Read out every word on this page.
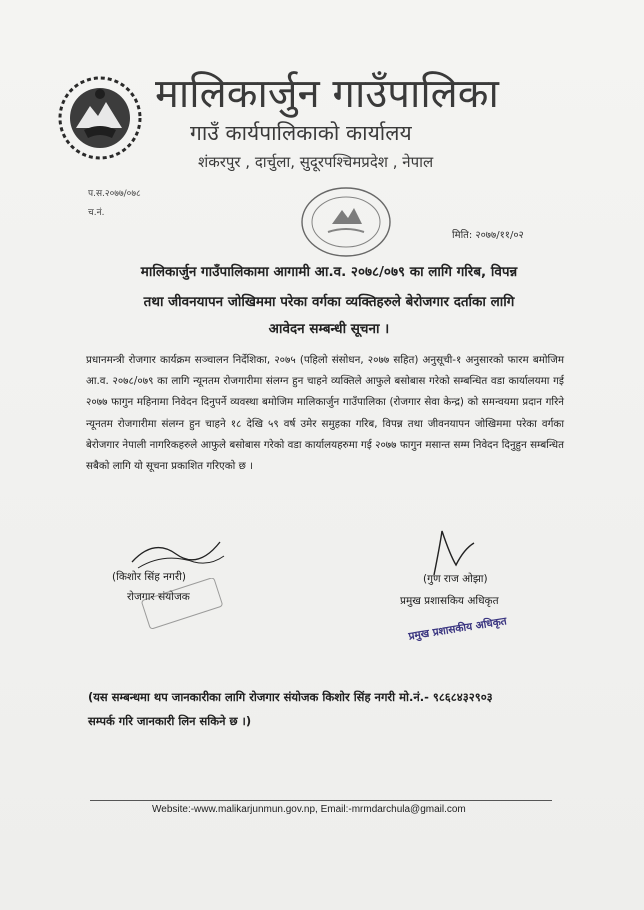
मालिकार्जुन गाउँपालिका
गाउँ कार्यपालिकाको कार्यालय
शंकरपुर , दार्चुला, सुदूरपश्चिमप्रदेश , नेपाल
प.स.२०७७/०७८
च.नं.
मिति: २०७७/११/०२
मालिकार्जुन गाउँपालिकामा आगामी आ.व. २०७८/०७९ का लागि गरिब, विपन्न
तथा जीवनयापन जोखिममा परेका वर्गका व्यक्तिहरुले बेरोजगार दर्ताका लागि
आवेदन सम्बन्धी सूचना ।
प्रधानमन्त्री रोजगार कार्यक्रम सञ्चालन निर्देशिका, २०७५ (पहिलो संसोधन, २०७७ सहित) अनुसूची-१ अनुसारको फारम बमोजिम आ.व. २०७८/०७९ का लागि न्यूनतम रोजगारीमा संलग्न हुन चाहने व्यक्तिले आफुले बसोबास गरेको सम्बन्धित वडा कार्यालयमा गई २०७७ फागुन महिनामा निवेदन दिनुपर्ने व्यवस्था बमोजिम मालिकार्जुन गाउँपालिका (रोजगार सेवा केन्द्र) को समन्वयमा प्रदान गरिने न्यूनतम रोजगारीमा संलग्न हुन चाहने १८ देखि ५९ वर्ष उमेर समुहका गरिब, विपन्न तथा जीवनयापन जोखिममा परेका वर्गका बेरोजगार नेपाली नागरिकहरुले आफुले बसोबास गरेको वडा कार्यालयहरुमा गई २०७७ फागुन मसान्त सम्म निवेदन दिनुहुन सम्बन्धित सबैको लागि यो सूचना प्रकाशित गरिएको छ ।
(किशोर सिंह नगरी)
रोजगार संयोजक
(गुण राज ओझा)
प्रमुख प्रशासकिय अधिकृत
प्रमुख प्रशासकीय अधिकृत
(यस सम्बन्धमा थप जानकारीका लागि रोजगार संयोजक किशोर सिंह नगरी मो.नं.- ९८६८४३२९०३
सम्पर्क गरि जानकारी लिन सकिने छ ।)
Website:-www.malikarjunmun.gov.np, Email:-mrmdarchula@gmail.com
